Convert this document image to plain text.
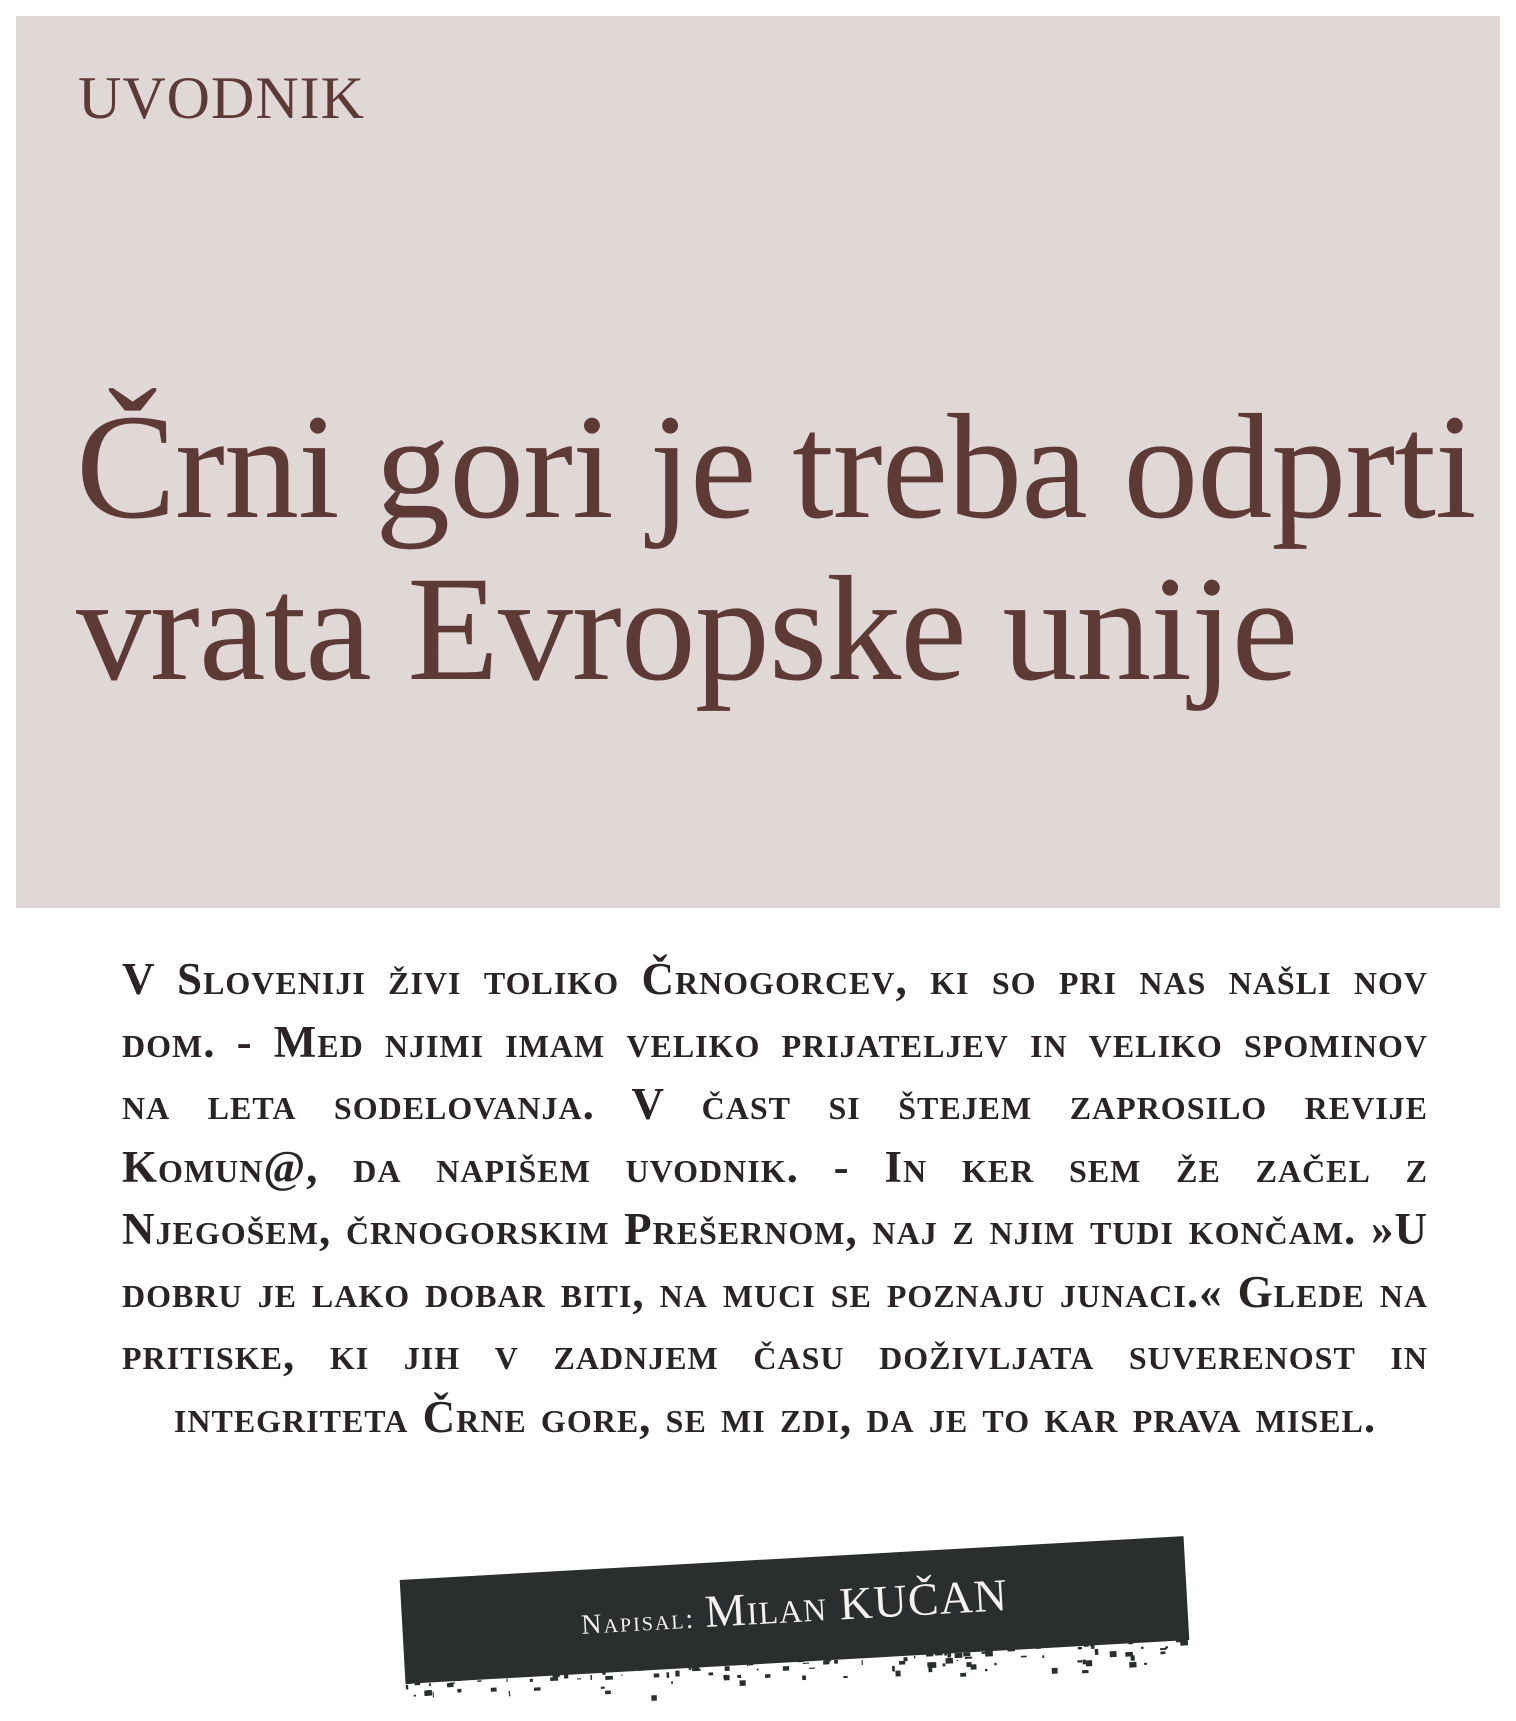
UVODNIK

Črni gori je treba odprti vrata Evropske unije

V Sloveniji živi toliko Črnogorcev, ki so pri nas našli nov dom. - Med njimi imam veliko prijateljev in veliko spominov na leta sodelovanja. V čast si štejem zaprosilo revije Komun@, da napišem uvodnik. - In ker sem že začel z Njegošem, črnogorskim Prešernom, naj z njim tudi končam. »U dobru je lako dobar biti, na muci se poznaju junaci.« Glede na pritiske, ki jih v zadnjem času doživljata suverenost in integriteta Črne gore, se mi zdi, da je to kar prava misel.

Napisal: Milan KUČAN
